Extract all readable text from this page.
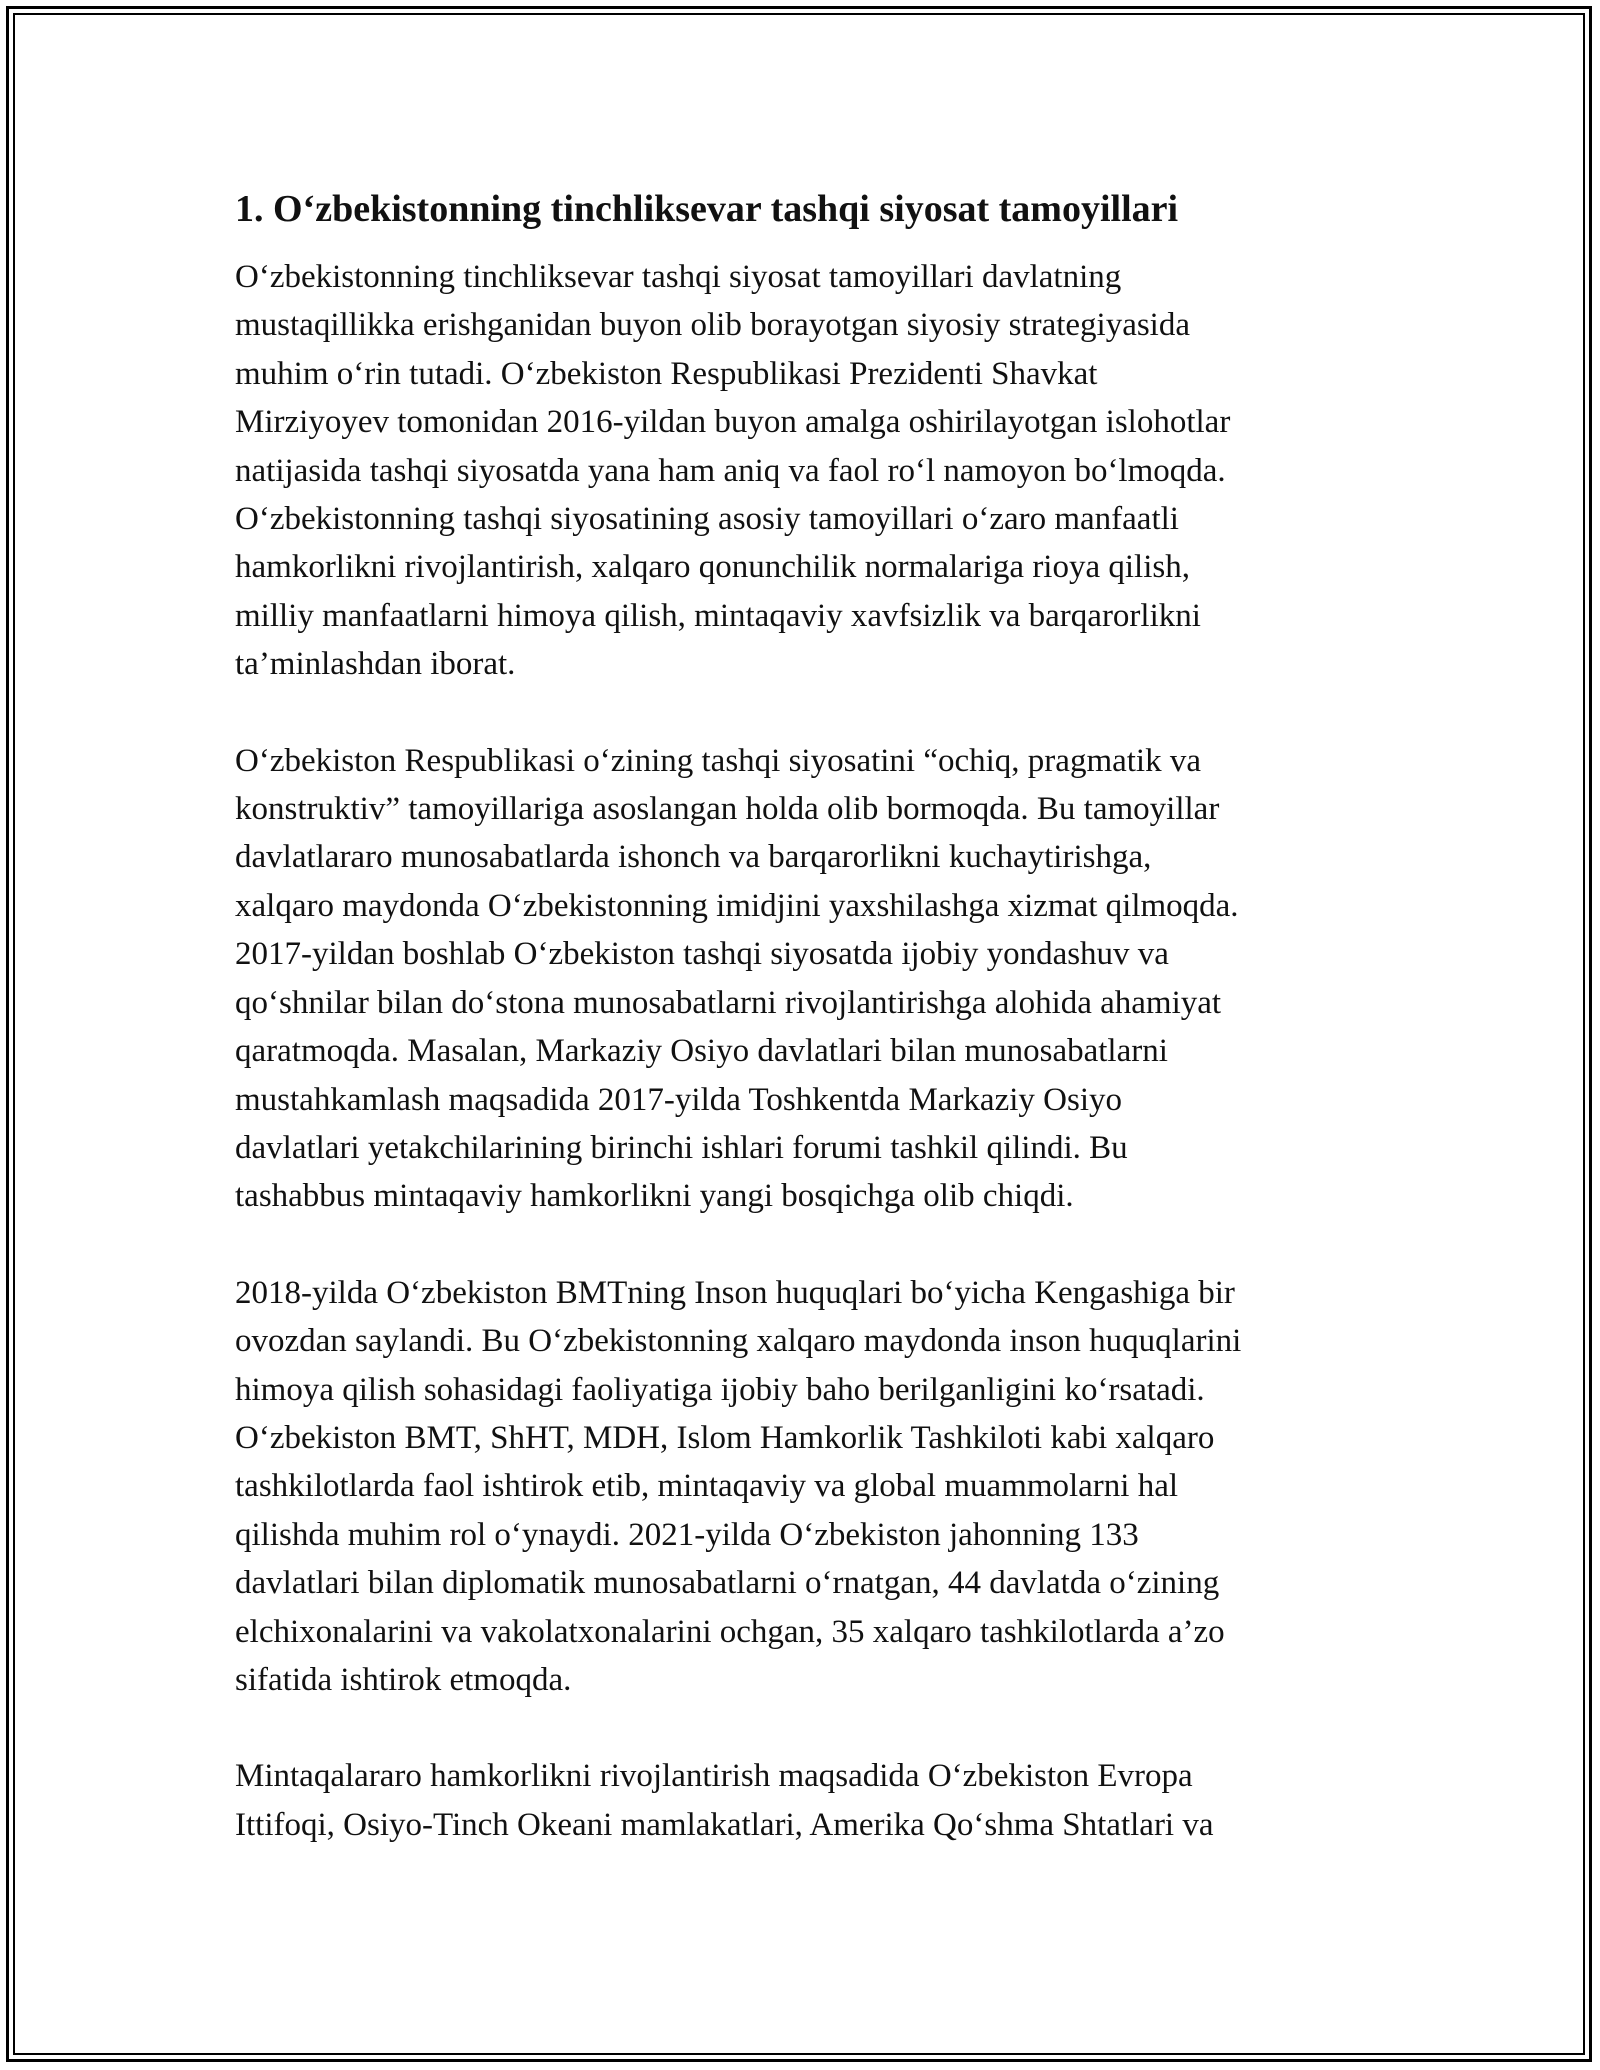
1. O‘zbekistonning tinchliksevar tashqi siyosat tamoyillari

O‘zbekistonning tinchliksevar tashqi siyosat tamoyillari davlatning
mustaqillikka erishganidan buyon olib borayotgan siyosiy strategiyasida
muhim o‘rin tutadi. O‘zbekiston Respublikasi Prezidenti Shavkat
Mirziyoyev tomonidan 2016-yildan buyon amalga oshirilayotgan islohotlar
natijasida tashqi siyosatda yana ham aniq va faol ro‘l namoyon bo‘lmoqda.
O‘zbekistonning tashqi siyosatining asosiy tamoyillari o‘zaro manfaatli
hamkorlikni rivojlantirish, xalqaro qonunchilik normalariga rioya qilish,
milliy manfaatlarni himoya qilish, mintaqaviy xavfsizlik va barqarorlikni
ta’minlashdan iborat.

O‘zbekiston Respublikasi o‘zining tashqi siyosatini “ochiq, pragmatik va
konstruktiv” tamoyillariga asoslangan holda olib bormoqda. Bu tamoyillar
davlatlararo munosabatlarda ishonch va barqarorlikni kuchaytirishga,
xalqaro maydonda O‘zbekistonning imidjini yaxshilashga xizmat qilmoqda.
2017-yildan boshlab O‘zbekiston tashqi siyosatda ijobiy yondashuv va
qo‘shnilar bilan do‘stona munosabatlarni rivojlantirishga alohida ahamiyat
qaratmoqda. Masalan, Markaziy Osiyo davlatlari bilan munosabatlarni
mustahkamlash maqsadida 2017-yilda Toshkentda Markaziy Osiyo
davlatlari yetakchilarining birinchi ishlari forumi tashkil qilindi. Bu
tashabbus mintaqaviy hamkorlikni yangi bosqichga olib chiqdi.

2018-yilda O‘zbekiston BMTning Inson huquqlari bo‘yicha Kengashiga bir
ovozdan saylandi. Bu O‘zbekistonning xalqaro maydonda inson huquqlarini
himoya qilish sohasidagi faoliyatiga ijobiy baho berilganligini ko‘rsatadi.
O‘zbekiston BMT, ShHT, MDH, Islom Hamkorlik Tashkiloti kabi xalqaro
tashkilotlarda faol ishtirok etib, mintaqaviy va global muammolarni hal
qilishda muhim rol o‘ynaydi. 2021-yilda O‘zbekiston jahonning 133
davlatlari bilan diplomatik munosabatlarni o‘rnatgan, 44 davlatda o‘zining
elchixonalarini va vakolatxonalarini ochgan, 35 xalqaro tashkilotlarda a’zo
sifatida ishtirok etmoqda.

Mintaqalararo hamkorlikni rivojlantirish maqsadida O‘zbekiston Evropa
Ittifoqi, Osiyo-Tinch Okeani mamlakatlari, Amerika Qo‘shma Shtatlari va
